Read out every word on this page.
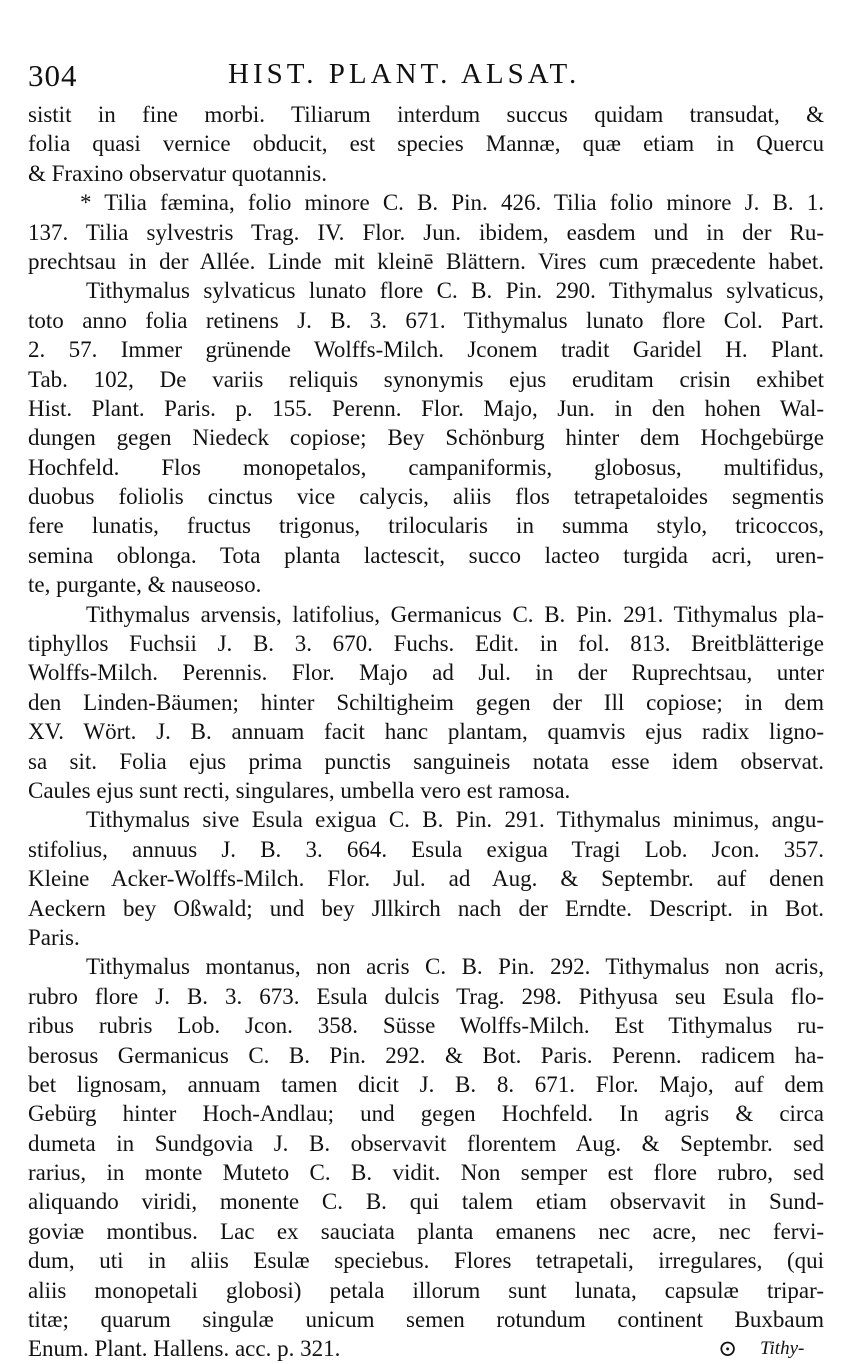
304	HIST. PLANT. ALSAT.
sistit in fine morbi. Tiliarum interdum succus quidam transudat, &
folia quasi vernice obducit, est species Mannæ, quæ etiam in Quercu
& Fraxino observatur quotannis.
* Tilia fæmina, folio minore C. B. Pin. 426. Tilia folio minore J. B. 1.
137. Tilia sylvestris Trag. IV. Flor. Jun. ibidem, easdem und in der Ru-
prechtsau in der Allée. Linde mit kleinē Blättern. Vires cum præcedente habet.
Tithymalus sylvaticus lunato flore C. B. Pin. 290. Tithymalus sylvaticus,
toto anno folia retinens J. B. 3. 671. Tithymalus lunato flore Col. Part.
2. 57. Immer grünende Wolffs-Milch. Jconem tradit Garidel H. Plant.
Tab. 102, De variis reliquis synonymis ejus eruditam crisin exhibet
Hist. Plant. Paris. p. 155. Perenn. Flor. Majo, Jun. in den hohen Wal-
dungen gegen Niedeck copiose; Bey Schönburg hinter dem Hochgebürge
Hochfeld. Flos monopetalos, campaniformis, globosus, multifidus,
duobus foliolis cinctus vice calycis, aliis flos tetrapetaloides segmentis
fere lunatis, fructus trigonus, trilocularis in summa stylo, tricoccos,
semina oblonga. Tota planta lactescit, succo lacteo turgida acri, uren-
te, purgante, & nauseoso.
Tithymalus arvensis, latifolius, Germanicus C. B. Pin. 291. Tithymalus pla-
tiphyllos Fuchsii J. B. 3. 670. Fuchs. Edit. in fol. 813. Breitblätterige
Wolffs-Milch. Perennis. Flor. Majo ad Jul. in der Ruprechtsau, unter
den Linden-Bäumen; hinter Schiltigheim gegen der Ill copiose; in dem
XV. Wört. J. B. annuam facit hanc plantam, quamvis ejus radix ligno-
sa sit. Folia ejus prima punctis sanguineis notata esse idem observat.
Caules ejus sunt recti, singulares, umbella vero est ramosa.
Tithymalus sive Esula exigua C. B. Pin. 291. Tithymalus minimus, angu-
stifolius, annuus J. B. 3. 664. Esula exigua Tragi Lob. Jcon. 357.
Kleine Acker-Wolffs-Milch. Flor. Jul. ad Aug. & Septembr. auf denen
Aeckern bey Oßwald; und bey Jllkirch nach der Erndte. Descript. in Bot.
Paris.
Tithymalus montanus, non acris C. B. Pin. 292. Tithymalus non acris,
rubro flore J. B. 3. 673. Esula dulcis Trag. 298. Pithyusa seu Esula flo-
ribus rubris Lob. Jcon. 358. Süsse Wolffs-Milch. Est Tithymalus ru-
berosus Germanicus C. B. Pin. 292. & Bot. Paris. Perenn. radicem ha-
bet lignosam, annuam tamen dicit J. B. 8. 671. Flor. Majo, auf dem
Gebürg hinter Hoch-Andlau; und gegen Hochfeld. In agris & circa
dumeta in Sundgovia J. B. observavit florentem Aug. & Septembr. sed
rarius, in monte Muteto C. B. vidit. Non semper est flore rubro, sed
aliquando viridi, monente C. B. qui talem etiam observavit in Sund-
goviæ montibus. Lac ex sauciata planta emanens nec acre, nec fervi-
dum, uti in aliis Esulæ speciebus. Flores tetrapetali, irregulares, (qui
aliis monopetali globosi) petala illorum sunt lunata, capsulæ tripar-
titæ; quarum singulæ unicum semen rotundum continent Buxbaum
Enum. Plant. Hallens. acc. p. 321.	⊙ Tithy-
